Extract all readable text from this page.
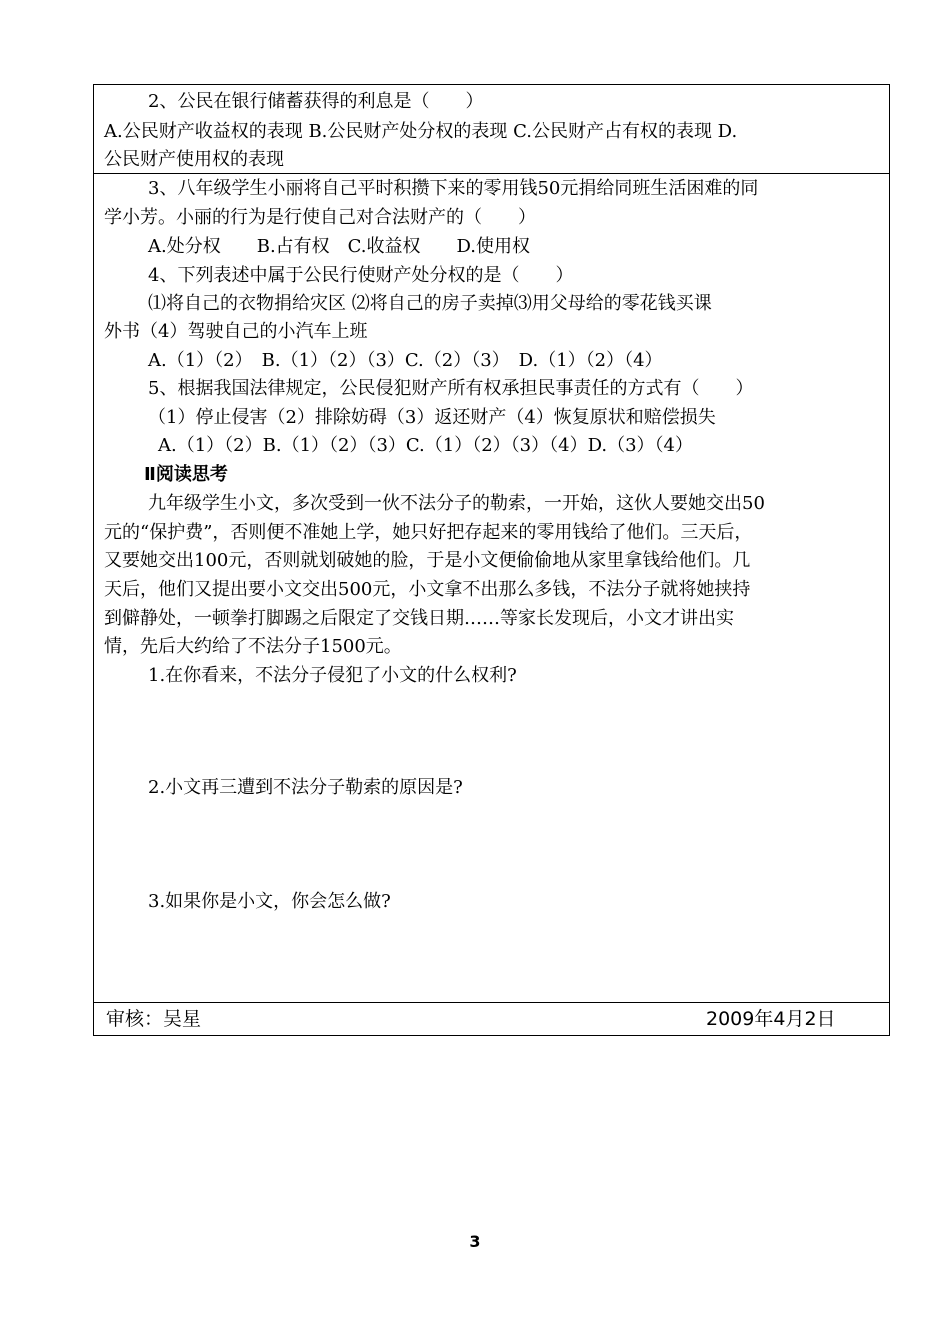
2、公民在银行储蓄获得的利息是（　　）
A.公民财产收益权的表现 B.公民财产处分权的表现 C.公民财产占有权的表现 D.
公民财产使用权的表现
3、八年级学生小丽将自己平时积攒下来的零用钱50元捐给同班生活困难的同
学小芳。小丽的行为是行使自己对合法财产的（　　）
A.处分权　　B.占有权　C.收益权　　D.使用权
4、下列表述中属于公民行使财产处分权的是（　　）
⑴将自己的衣物捐给灾区 ⑵将自己的房子卖掉⑶用父母给的零花钱买课
外书（4）驾驶自己的小汽车上班
A.（1）（2）　B.（1）（2）（3）C.（2）（3）　D.（1）（2）（4）
5、根据我国法律规定，公民侵犯财产所有权承担民事责任的方式有（　　）
（1）停止侵害（2）排除妨碍（3）返还财产（4）恢复原状和赔偿损失
A.（1）（2）B.（1）（2）（3）C.（1）（2）（3）（4）D.（3）（4）
Ⅱ阅读思考
九年级学生小文，多次受到一伙不法分子的勒索，一开始，这伙人要她交出50
元的“保护费”，否则便不准她上学，她只好把存起来的零用钱给了他们。三天后，
又要她交出100元，否则就划破她的脸，于是小文便偷偷地从家里拿钱给他们。几
天后，他们又提出要小文交出500元，小文拿不出那么多钱，不法分子就将她挟持
到僻静处，一顿拳打脚踢之后限定了交钱日期……等家长发现后，小文才讲出实
情，先后大约给了不法分子1500元。
1.在你看来，不法分子侵犯了小文的什么权利?
2.小文再三遭到不法分子勒索的原因是?
3.如果你是小文，你会怎么做?
审核：吴星	2009年4月2日
3
